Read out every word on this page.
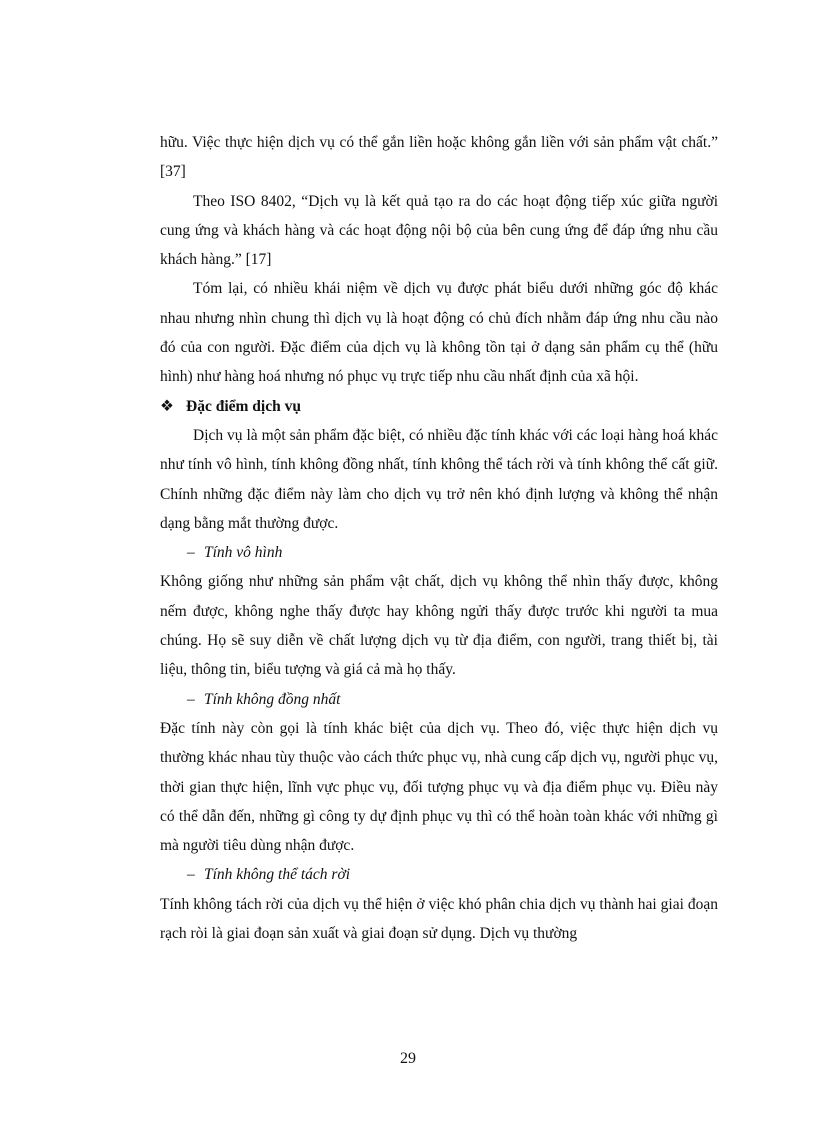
hữu. Việc thực hiện dịch vụ có thể gắn liền hoặc không gắn liền với sản phẩm vật chất.” [37]

Theo ISO 8402, “Dịch vụ là kết quả tạo ra do các hoạt động tiếp xúc giữa người cung ứng và khách hàng và các hoạt động nội bộ của bên cung ứng để đáp ứng nhu cầu khách hàng.” [17]

Tóm lại, có nhiều khái niệm về dịch vụ được phát biểu dưới những góc độ khác nhau nhưng nhìn chung thì dịch vụ là hoạt động có chủ đích nhằm đáp ứng nhu cầu nào đó của con người. Đặc điểm của dịch vụ là không tồn tại ở dạng sản phẩm cụ thể (hữu hình) như hàng hoá nhưng nó phục vụ trực tiếp nhu cầu nhất định của xã hội.

❖ Đặc điểm dịch vụ

Dịch vụ là một sản phẩm đặc biệt, có nhiều đặc tính khác với các loại hàng hoá khác như tính vô hình, tính không đồng nhất, tính không thể tách rời và tính không thể cất giữ. Chính những đặc điểm này làm cho dịch vụ trở nên khó định lượng và không thể nhận dạng bằng mắt thường được.

– Tính vô hình

Không giống như những sản phẩm vật chất, dịch vụ không thể nhìn thấy được, không nếm được, không nghe thấy được hay không ngửi thấy được trước khi người ta mua chúng. Họ sẽ suy diễn về chất lượng dịch vụ từ địa điểm, con người, trang thiết bị, tài liệu, thông tin, biểu tượng và giá cả mà họ thấy.

– Tính không đồng nhất

Đặc tính này còn gọi là tính khác biệt của dịch vụ. Theo đó, việc thực hiện dịch vụ thường khác nhau tùy thuộc vào cách thức phục vụ, nhà cung cấp dịch vụ, người phục vụ, thời gian thực hiện, lĩnh vực phục vụ, đối tượng phục vụ và địa điểm phục vụ. Điều này có thể dẫn đến, những gì công ty dự định phục vụ thì có thể hoàn toàn khác với những gì mà người tiêu dùng nhận được.

– Tính không thể tách rời

Tính không tách rời của dịch vụ thể hiện ở việc khó phân chia dịch vụ thành hai giai đoạn rạch ròi là giai đoạn sản xuất và giai đoạn sử dụng. Dịch vụ thường

29
